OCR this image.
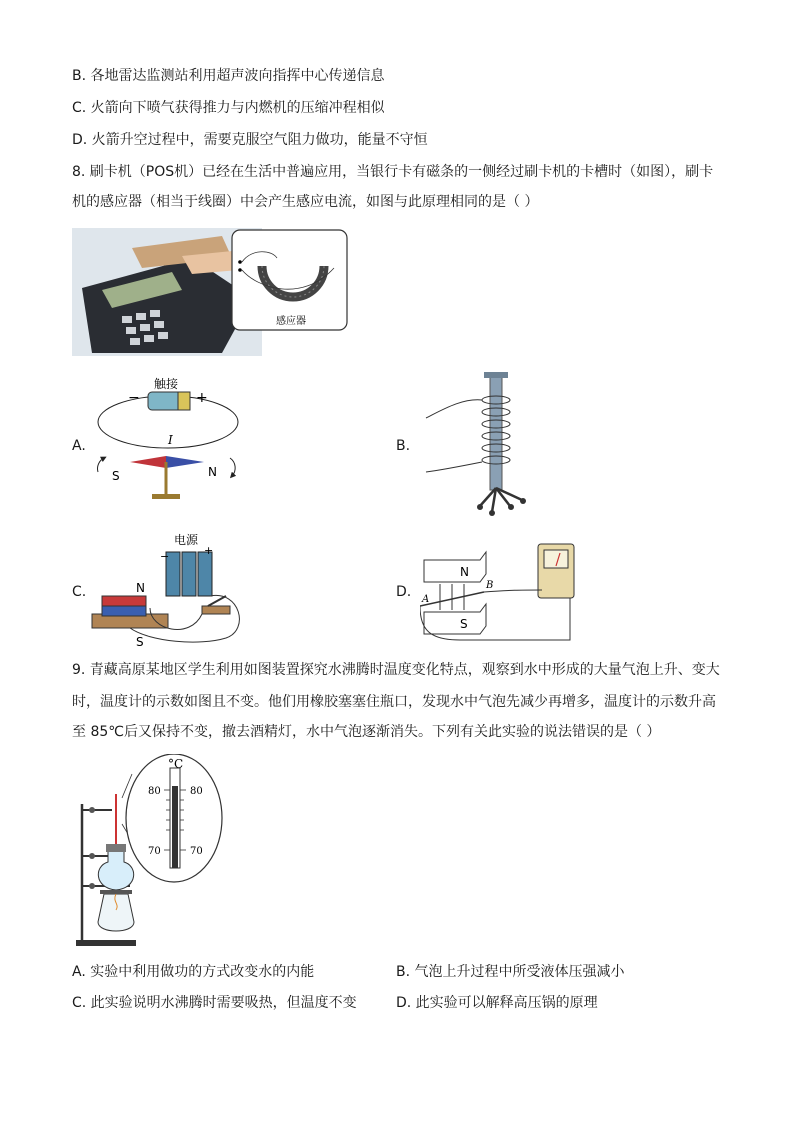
B. 各地雷达监测站利用超声波向指挥中心传递信息
C. 火箭向下喷气获得推力与内燃机的压缩冲程相似
D. 火箭升空过程中，需要克服空气阻力做功，能量不守恒
8. 刷卡机（POS机）已经在生活中普遍应用，当银行卡有磁条的一侧经过刷卡机的卡槽时（如图），刷卡
机的感应器（相当于线圈）中会产生感应电流，如图与此原理相同的是（ ）
感应器
A.
触接
−	+
I
S	N
B.
C.
电源
−	+
N
S
D.
N
S
A
B
9. 青藏高原某地区学生利用如图装置探究水沸腾时温度变化特点，观察到水中形成的大量气泡上升、变大
时，温度计的示数如图且不变。他们用橡胶塞塞住瓶口，发现水中气泡先减少再增多，温度计的示数升高
至 85℃后又保持不变，撤去酒精灯，水中气泡逐渐消失。下列有关此实验的说法错误的是（ ）
°C
80	80
70	70
A. 实验中利用做功的方式改变水的内能	B. 气泡上升过程中所受液体压强减小
C. 此实验说明水沸腾时需要吸热，但温度不变	D. 此实验可以解释高压锅的原理
